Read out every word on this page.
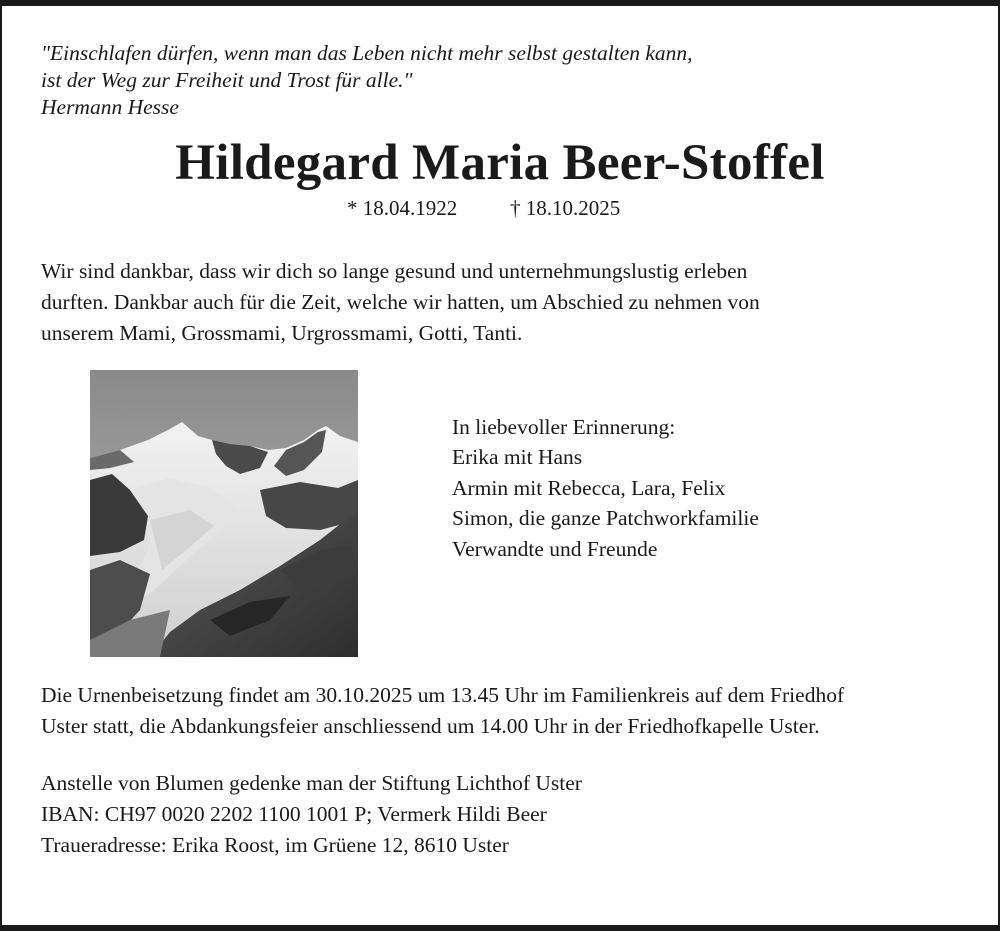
"Einschlafen dürfen, wenn man das Leben nicht mehr selbst gestalten kann,
ist der Weg zur Freiheit und Trost für alle."
Hermann Hesse
Hildegard Maria Beer-Stoffel
* 18.04.1922	† 18.10.2025
Wir sind dankbar, dass wir dich so lange gesund und unternehmungslustig erleben
durften. Dankbar auch für die Zeit, welche wir hatten, um Abschied zu nehmen von
unserem Mami, Grossmami, Urgrossmami, Gotti, Tanti.
In liebevoller Erinnerung:
Erika mit Hans
Armin mit Rebecca, Lara, Felix
Simon, die ganze Patchworkfamilie
Verwandte und Freunde
Die Urnenbeisetzung findet am 30.10.2025 um 13.45 Uhr im Familienkreis auf dem Friedhof
Uster statt, die Abdankungsfeier anschliessend um 14.00 Uhr in der Friedhofkapelle Uster.
Anstelle von Blumen gedenke man der Stiftung Lichthof Uster
IBAN: CH97 0020 2202 1100 1001 P; Vermerk Hildi Beer
Traueradresse: Erika Roost, im Grüene 12, 8610 Uster
